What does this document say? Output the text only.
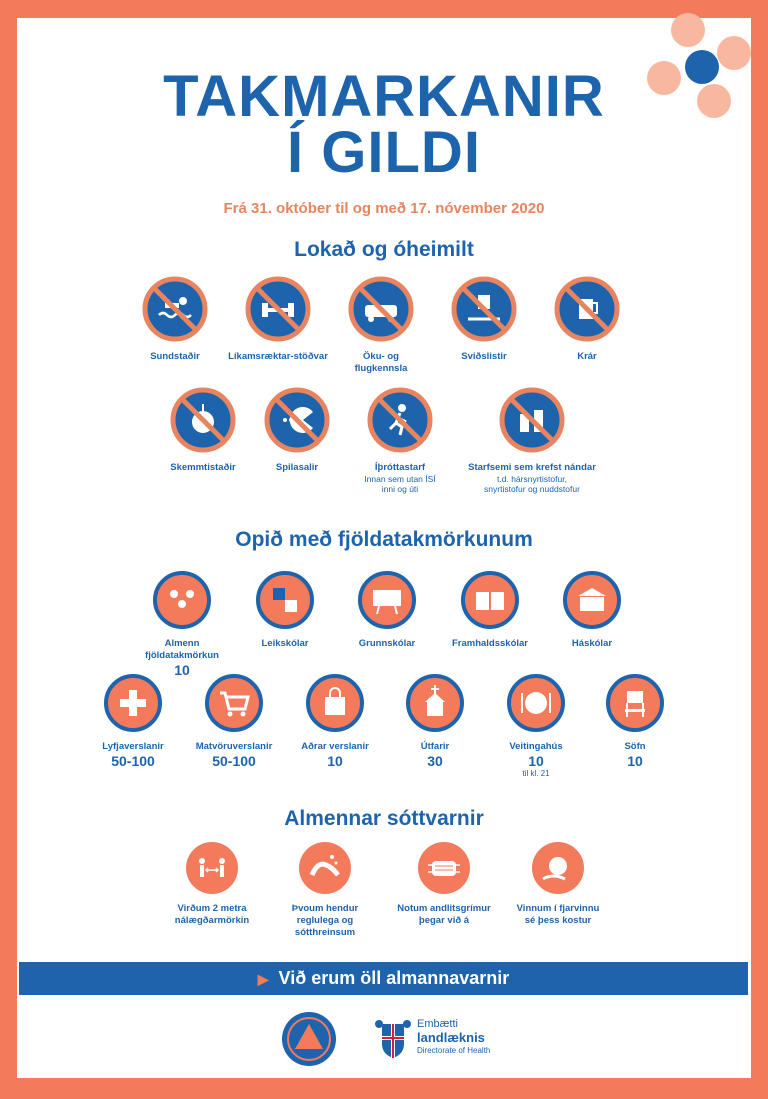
TAKMARKANIR
Í GILDI
Frá 31. október til og með 17. nóvember 2020
Lokað og óheimilt
Sundstaðir	Líkamsræktar-stöðvar	Öku- og flugkennsla
Sviðslistir	Krár
Skemmtistaðir	Spilasalir	Íþróttastarf
Innan sem utan ÍSÍ inni og úti
Starfsemi sem krefst nándar
t.d. hársnyrtistofur, snyrtistofur og nuddstofur
Opið með fjöldatakmörkunum
Almenn fjöldatakmörkun
10
Leikskólar	Grunnskólar	Framhaldsskólar	Háskólar
Lyfjaverslanir
50-100
Matvöruverslanir
50-100
Aðrar verslanir
10
Útfarir
30
Veitingahús
10
til kl. 21
Söfn
10
Almennar sóttvarnir
Virðum 2 metra
nálægðarmörkin
Þvoum hendur
reglulega og
sótthreinsum
Notum andlitsgrímur
þegar við á
Vinnum í fjarvinnu
sé þess kostur
▶ Við erum öll almannavarnir
Embætti
landlæknis
Directorate of Health
